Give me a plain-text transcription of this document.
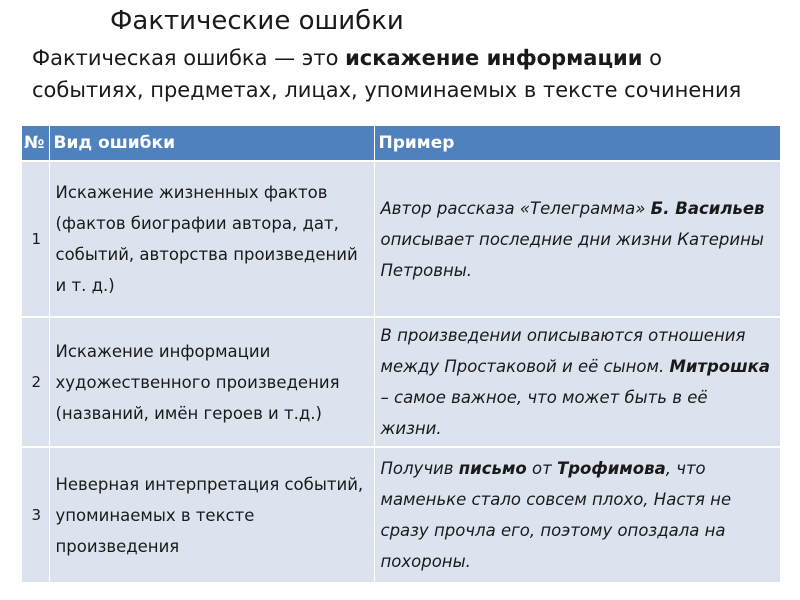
Фактические ошибки
Фактическая ошибка — это искажение информации о событиях, предметах, лицах, упоминаемых в тексте сочинения
№	Вид ошибки	Пример
1	Искажение жизненных фактов (фактов биографии автора, дат, событий, авторства произведений и т. д.)	Автор рассказа «Телеграмма» Б. Васильев описывает последние дни жизни Катерины Петровны.
2	Искажение информации художественного произведения (названий, имён героев и т.д.)	В произведении описываются отношения между Простаковой и её сыном. Митрошка – самое важное, что может быть в её жизни.
3	Неверная интерпретация событий, упоминаемых в тексте произведения	Получив письмо от Трофимова, что маменьке стало совсем плохо, Настя не сразу прочла его, поэтому опоздала на похороны.
